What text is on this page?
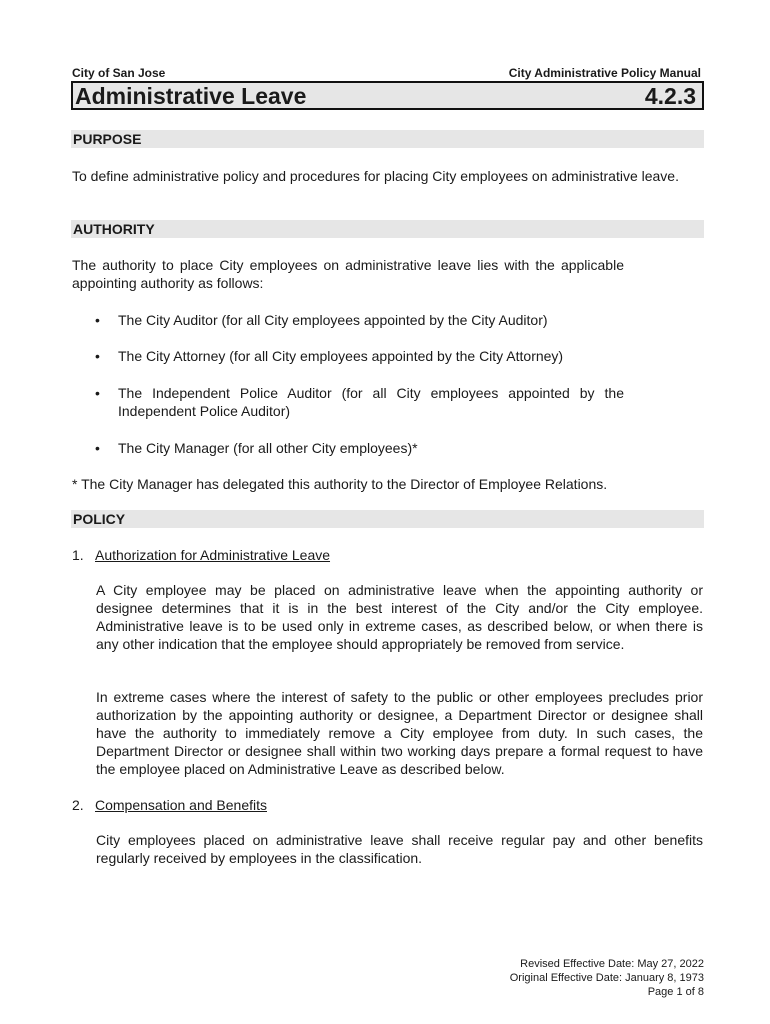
City of San Jose	City Administrative Policy Manual
Administrative Leave	4.2.3
PURPOSE
To define administrative policy and procedures for placing City employees on administrative leave.
AUTHORITY
The authority to place City employees on administrative leave lies with the applicable appointing authority as follows:
• The City Auditor (for all City employees appointed by the City Auditor)
• The City Attorney (for all City employees appointed by the City Attorney)
• The Independent Police Auditor (for all City employees appointed by the Independent Police Auditor)
• The City Manager (for all other City employees)*
* The City Manager has delegated this authority to the Director of Employee Relations.
POLICY
1. Authorization for Administrative Leave
A City employee may be placed on administrative leave when the appointing authority or designee determines that it is in the best interest of the City and/or the City employee. Administrative leave is to be used only in extreme cases, as described below, or when there is any other indication that the employee should appropriately be removed from service.
In extreme cases where the interest of safety to the public or other employees precludes prior authorization by the appointing authority or designee, a Department Director or designee shall have the authority to immediately remove a City employee from duty. In such cases, the Department Director or designee shall within two working days prepare a formal request to have the employee placed on Administrative Leave as described below.
2. Compensation and Benefits
City employees placed on administrative leave shall receive regular pay and other benefits regularly received by employees in the classification.
Revised Effective Date: May 27, 2022
Original Effective Date: January 8, 1973
Page 1 of 8
